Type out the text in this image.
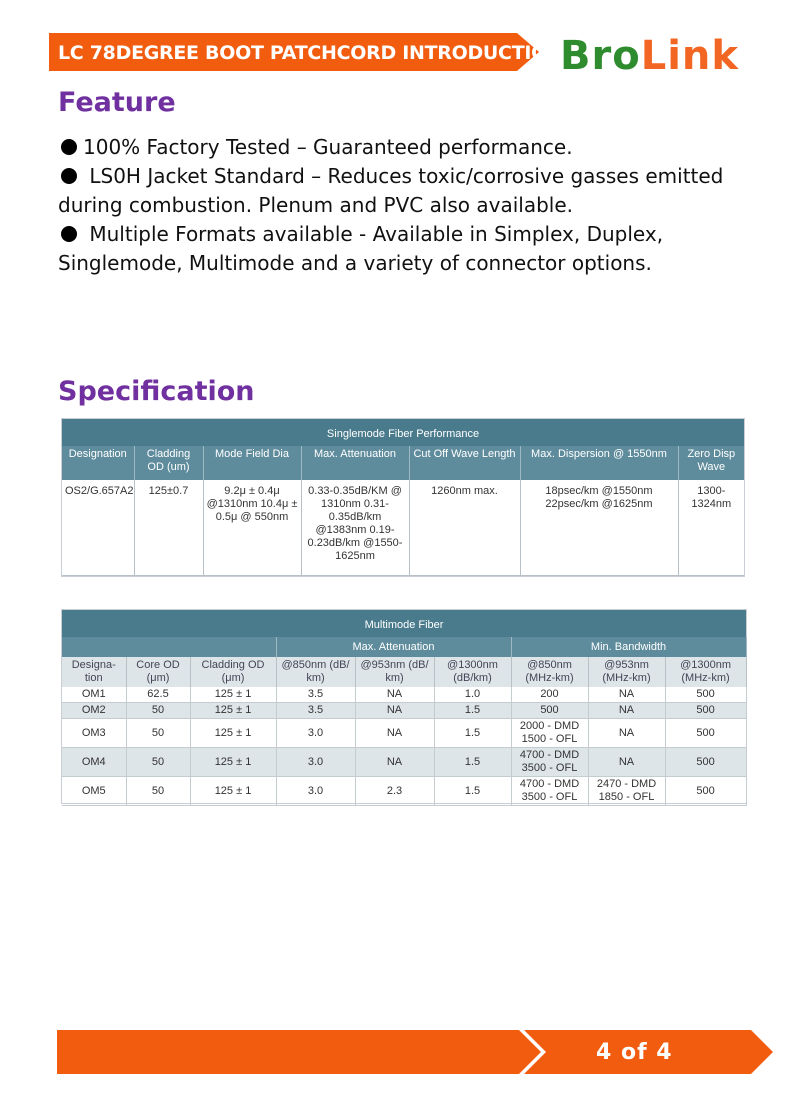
LC 78DEGREE BOOT PATCHCORD INTRODUCTION
BroLink
Feature

100% Factory Tested – Guaranteed performance.

LS0H Jacket Standard – Reduces toxic/corrosive gasses emitted during combustion. Plenum and PVC also available.

Multiple Formats available - Available in Simplex, Duplex, Singlemode, Multimode and a variety of connector options.

Specification
Singlemode Fiber Performance						
Designation	Cladding OD (um)	Mode Field Dia	Max. Attenuation	Cut Off Wave Length	Max. Dispersion @ 1550nm	Zero Disp Wave
OS2/G.657A2	125±0.7	9.2μ ± 0.4μ @1310nm 10.4μ ± 0.5μ @ 550nm	0.33-0.35dB/KM @ 1310nm 0.31-0.35dB/km @1383nm 0.19-0.23dB/km @1550-1625nm	1260nm max.	18psec/km @1550nm 22psec/km @1625nm	1300-1324nm
Multimode Fiber								
			Max. Attenuation			Min. Bandwidth		
Designa-tion	Core OD (μm)	Cladding OD (μm)	@850nm (dB/ km)	@953nm (dB/ km)	@1300nm (dB/km)	@850nm (MHz-km)	@953nm (MHz-km)	@1300nm (MHz-km)
OM1	62.5	125 ± 1	3.5	NA	1.0	200	NA	500
OM2	50	125 ± 1	3.5	NA	1.5	500	NA	500
OM3	50	125 ± 1	3.0	NA	1.5	2000 - DMD 1500 - OFL	NA	500
OM4	50	125 ± 1	3.0	NA	1.5	4700 - DMD 3500 - OFL	NA	500
OM5	50	125 ± 1	3.0	2.3	1.5	4700 - DMD 3500 - OFL	2470 - DMD 1850 - OFL	500
4 of 4
